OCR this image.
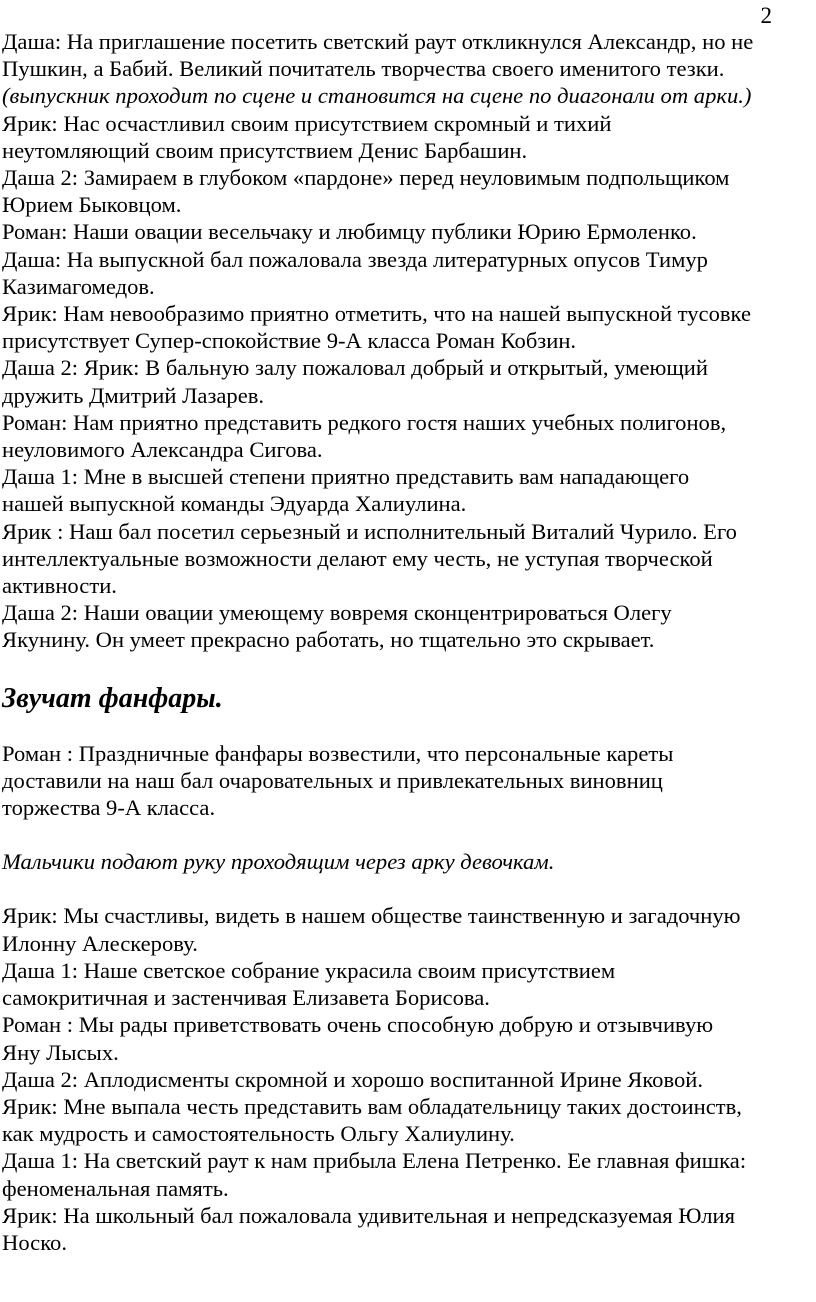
2
Даша: На приглашение посетить светский раут откликнулся Александр, но не
Пушкин, а Бабий. Великий почитатель творчества своего именитого тезки.
(выпускник проходит по сцене и становится на сцене по диагонали от арки.)
Ярик: Нас осчастливил своим присутствием скромный и тихий
неутомляющий своим присутствием Денис Барбашин.
Даша 2: Замираем в глубоком «пардоне» перед неуловимым подпольщиком
Юрием Быковцом.
Роман: Наши овации весельчаку и любимцу публики Юрию Ермоленко.
Даша: На выпускной бал пожаловала звезда литературных опусов Тимур
Казимагомедов.
Ярик: Нам невообразимо приятно отметить, что на нашей выпускной тусовке
присутствует Супер-спокойствие 9-А класса Роман Кобзин.
Даша 2: Ярик: В бальную залу пожаловал добрый и открытый, умеющий
дружить Дмитрий Лазарев.
Роман: Нам приятно представить редкого гостя наших учебных полигонов,
неуловимого Александра Сигова.
Даша 1: Мне в высшей степени приятно представить вам нападающего
нашей выпускной команды Эдуарда Халиулина.
Ярик : Наш бал посетил серьезный и исполнительный Виталий Чурило. Его
интеллектуальные возможности делают ему честь, не уступая творческой
активности.
Даша 2: Наши овации умеющему вовремя сконцентрироваться Олегу
Якунину. Он умеет прекрасно работать, но тщательно это скрывает.
Звучат фанфары.
Роман : Праздничные фанфары возвестили, что персональные кареты
доставили на наш бал очаровательных и привлекательных виновниц
торжества 9-А класса.
Мальчики подают руку проходящим через арку девочкам.
Ярик: Мы счастливы, видеть в нашем обществе таинственную и загадочную
Илонну Алескерову.
Даша 1: Наше светское собрание украсила своим присутствием
самокритичная и застенчивая Елизавета Борисова.
Роман : Мы рады приветствовать очень способную добрую и отзывчивую
Яну Лысых.
Даша 2: Аплодисменты скромной и хорошо воспитанной Ирине Яковой.
Ярик: Мне выпала честь представить вам обладательницу таких достоинств,
как мудрость и самостоятельность Ольгу Халиулину.
Даша 1: На светский раут к нам прибыла Елена Петренко. Ее главная фишка:
феноменальная память.
Ярик: На школьный бал пожаловала удивительная и непредсказуемая Юлия
Носко.
